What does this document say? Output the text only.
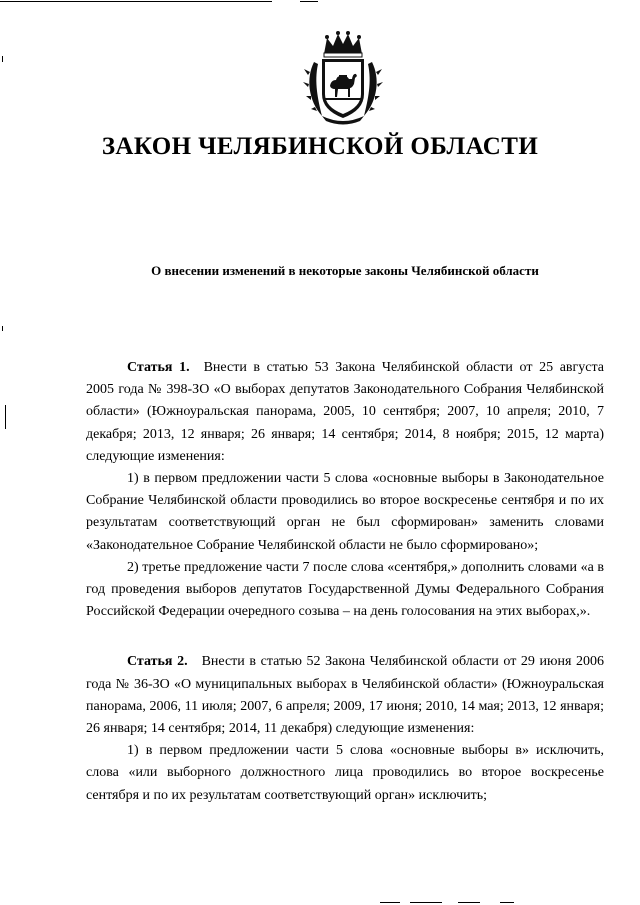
ЗАКОН ЧЕЛЯБИНСКОЙ ОБЛАСТИ

О внесении изменений в некоторые законы Челябинской области

Статья 1. Внести в статью 53 Закона Челябинской области от 25 августа 2005 года № 398-ЗО «О выборах депутатов Законодательного Собрания Челябинской области» (Южноуральская панорама, 2005, 10 сентября; 2007, 10 апреля; 2010, 7 декабря; 2013, 12 января; 26 января; 14 сентября; 2014, 8 ноября; 2015, 12 марта) следующие изменения:

1) в первом предложении части 5 слова «основные выборы в Законодательное Собрание Челябинской области проводились во второе воскресенье сентября и по их результатам соответствующий орган не был сформирован» заменить словами «Законодательное Собрание Челябинской области не было сформировано»;

2) третье предложение части 7 после слова «сентября,» дополнить словами «а в год проведения выборов депутатов Государственной Думы Федерального Собрания Российской Федерации очередного созыва – на день голосования на этих выборах,».

Статья 2. Внести в статью 52 Закона Челябинской области от 29 июня 2006 года № 36-ЗО «О муниципальных выборах в Челябинской области» (Южноуральская панорама, 2006, 11 июля; 2007, 6 апреля; 2009, 17 июня; 2010, 14 мая; 2013, 12 января; 26 января; 14 сентября; 2014, 11 декабря) следующие изменения:

1) в первом предложении части 5 слова «основные выборы в» исключить, слова «или выборного должностного лица проводились во второе воскресенье сентября и по их результатам соответствующий орган» исключить;
